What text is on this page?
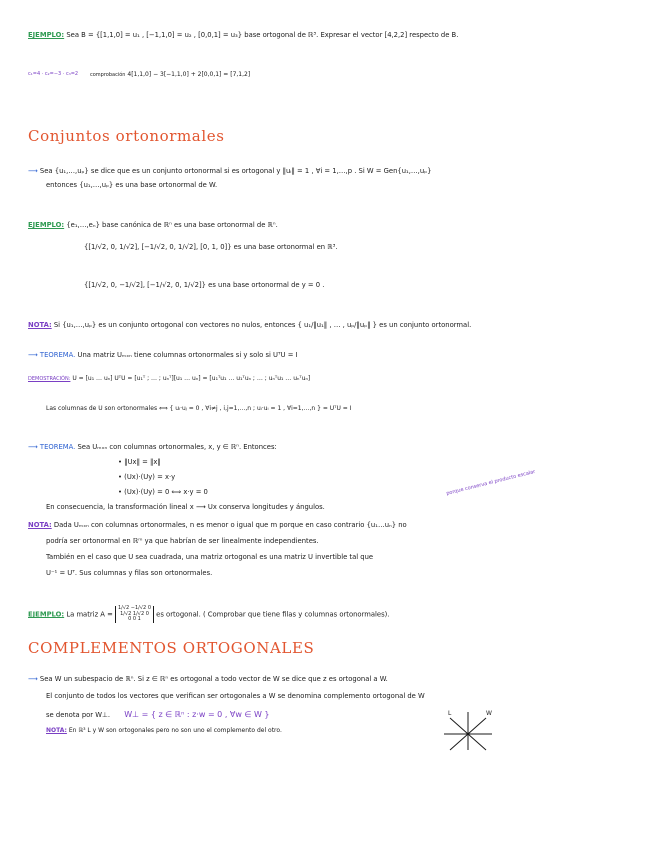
EJEMPLO: Sea B = {[1,1,0] = u₁ , [−1,1,0] = u₂ , [0,0,1] = u₃} base ortogonal de ℝ³. Expresar el vector [4,2,2] respecto de B.
c₁=4 · c₂=−3 · c₃=2 comprobación 4[1,1,0] − 3[−1,1,0] + 2[0,0,1] = [7,1,2]
Conjuntos ortonormales
⟶ Sea {u₁,…,uₚ} se dice que es un conjunto ortonormal si es ortogonal y ‖uᵢ‖ = 1 , ∀i = 1,…,p . Si W = Gen{u₁,…,uₚ}
entonces {u₁,…,uₚ} es una base ortonormal de W.
EJEMPLO: {e₁,…,eₙ} base canónica de ℝⁿ es una base ortonormal de ℝⁿ.
{[1/√2, 0, 1/√2], [−1/√2, 0, 1/√2], [0, 1, 0]} es una base ortonormal en ℝ³.
{[1/√2, 0, −1/√2], [−1/√2, 0, 1/√2]} es una base ortonormal de y = 0 .
NOTA: Si {u₁,…,uₚ} es un conjunto ortogonal con vectores no nulos, entonces { u₁/‖u₁‖ , … , uₚ/‖uₚ‖ } es un conjunto ortonormal.
⟶ TEOREMA. Una matriz Uₘₓₙ tiene columnas ortonormales si y solo si UᵀU = I
DEMOSTRACIÓN: U = [u₁ … uₙ] UᵀU = [u₁ᵀ ; … ; uₙᵀ][u₁ … uₙ] = [u₁ᵀu₁ … u₁ᵀuₙ ; … ; uₙᵀu₁ … uₙᵀuₙ]
Las columnas de U son ortonormales ⟺ { uᵢ·uⱼ = 0 , ∀i≠j , i,j=1,…,n ; uᵢ·uᵢ = 1 , ∀i=1,…,n } = UᵀU = I
⟶ TEOREMA. Sea Uₘₓₙ con columnas ortonormales, x, y ∈ ℝⁿ. Entonces:
• ‖Ux‖ = ‖x‖
• (Ux)·(Uy) = x·y
• (Ux)·(Uy) = 0 ⟺ x·y = 0
En consecuencia, la transformación lineal x ⟶ Ux conserva longitudes y ángulos.
porque conserva el producto escalar
NOTA: Dada Uₘₓₙ con columnas ortonormales, n es menor o igual que m porque en caso contrario {u₁…uₙ} no
podría ser ortonormal en ℝᵐ ya que habrían de ser linealmente independientes.
También en el caso que U sea cuadrada, una matriz ortogonal es una matriz U invertible tal que
U⁻¹ = Uᵀ. Sus columnas y filas son ortonormales.
EJEMPLO: La matriz A = 1/√2 −1/√2 0
1/√2 1/√2 0
0 0 1 es ortogonal. ( Comprobar que tiene filas y columnas ortonormales).
COMPLEMENTOS ORTOGONALES
⟶ Sea W un subespacio de ℝⁿ. Si z ∈ ℝⁿ es ortogonal a todo vector de W se dice que z es ortogonal a W.
El conjunto de todos los vectores que verifican ser ortogonales a W se denomina complemento ortogonal de W
se denota por W⊥. W⊥ = { z ∈ ℝⁿ : z·w = 0 , ∀w ∈ W }
NOTA: En ℝ³ L y W son ortogonales pero no son uno el complemento del otro.
L	W
